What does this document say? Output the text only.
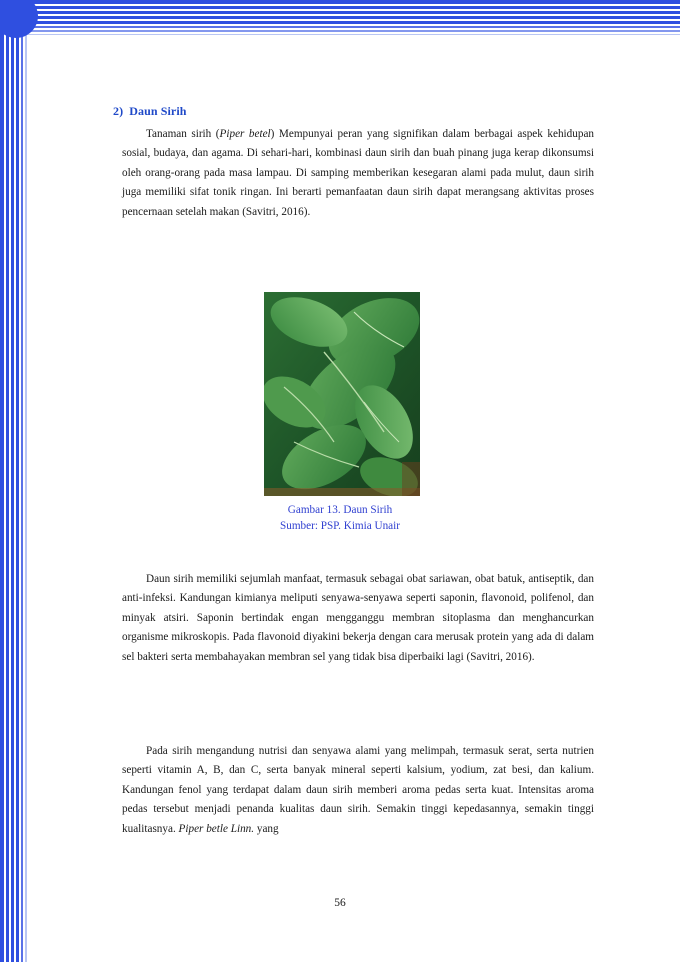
2) Daun Sirih

Tanaman sirih (Piper betel) Mempunyai peran yang signifikan dalam berbagai aspek kehidupan sosial, budaya, dan agama. Di sehari-hari, kombinasi daun sirih dan buah pinang juga kerap dikonsumsi oleh orang-orang pada masa lampau. Di samping memberikan kesegaran alami pada mulut, daun sirih juga memiliki sifat tonik ringan. Ini berarti pemanfaatan daun sirih dapat merangsang aktivitas proses pencernaan setelah makan (Savitri, 2016).

Gambar 13. Daun Sirih
Sumber: PSP. Kimia Unair

Daun sirih memiliki sejumlah manfaat, termasuk sebagai obat sariawan, obat batuk, antiseptik, dan anti-infeksi. Kandungan kimianya meliputi senyawa-senyawa seperti saponin, flavonoid, polifenol, dan minyak atsiri. Saponin bertindak engan mengganggu membran sitoplasma dan menghancurkan organisme mikroskopis. Pada flavonoid diyakini bekerja dengan cara merusak protein yang ada di dalam sel bakteri serta membahayakan membran sel yang tidak bisa diperbaiki lagi (Savitri, 2016).

Pada sirih mengandung nutrisi dan senyawa alami yang melimpah, termasuk serat, serta nutrien seperti vitamin A, B, dan C, serta banyak mineral seperti kalsium, yodium, zat besi, dan kalium. Kandungan fenol yang terdapat dalam daun sirih memberi aroma pedas serta kuat. Intensitas aroma pedas tersebut menjadi penanda kualitas daun sirih. Semakin tinggi kepedasannya, semakin tinggi kualitasnya. Piper betle Linn. yang

56
